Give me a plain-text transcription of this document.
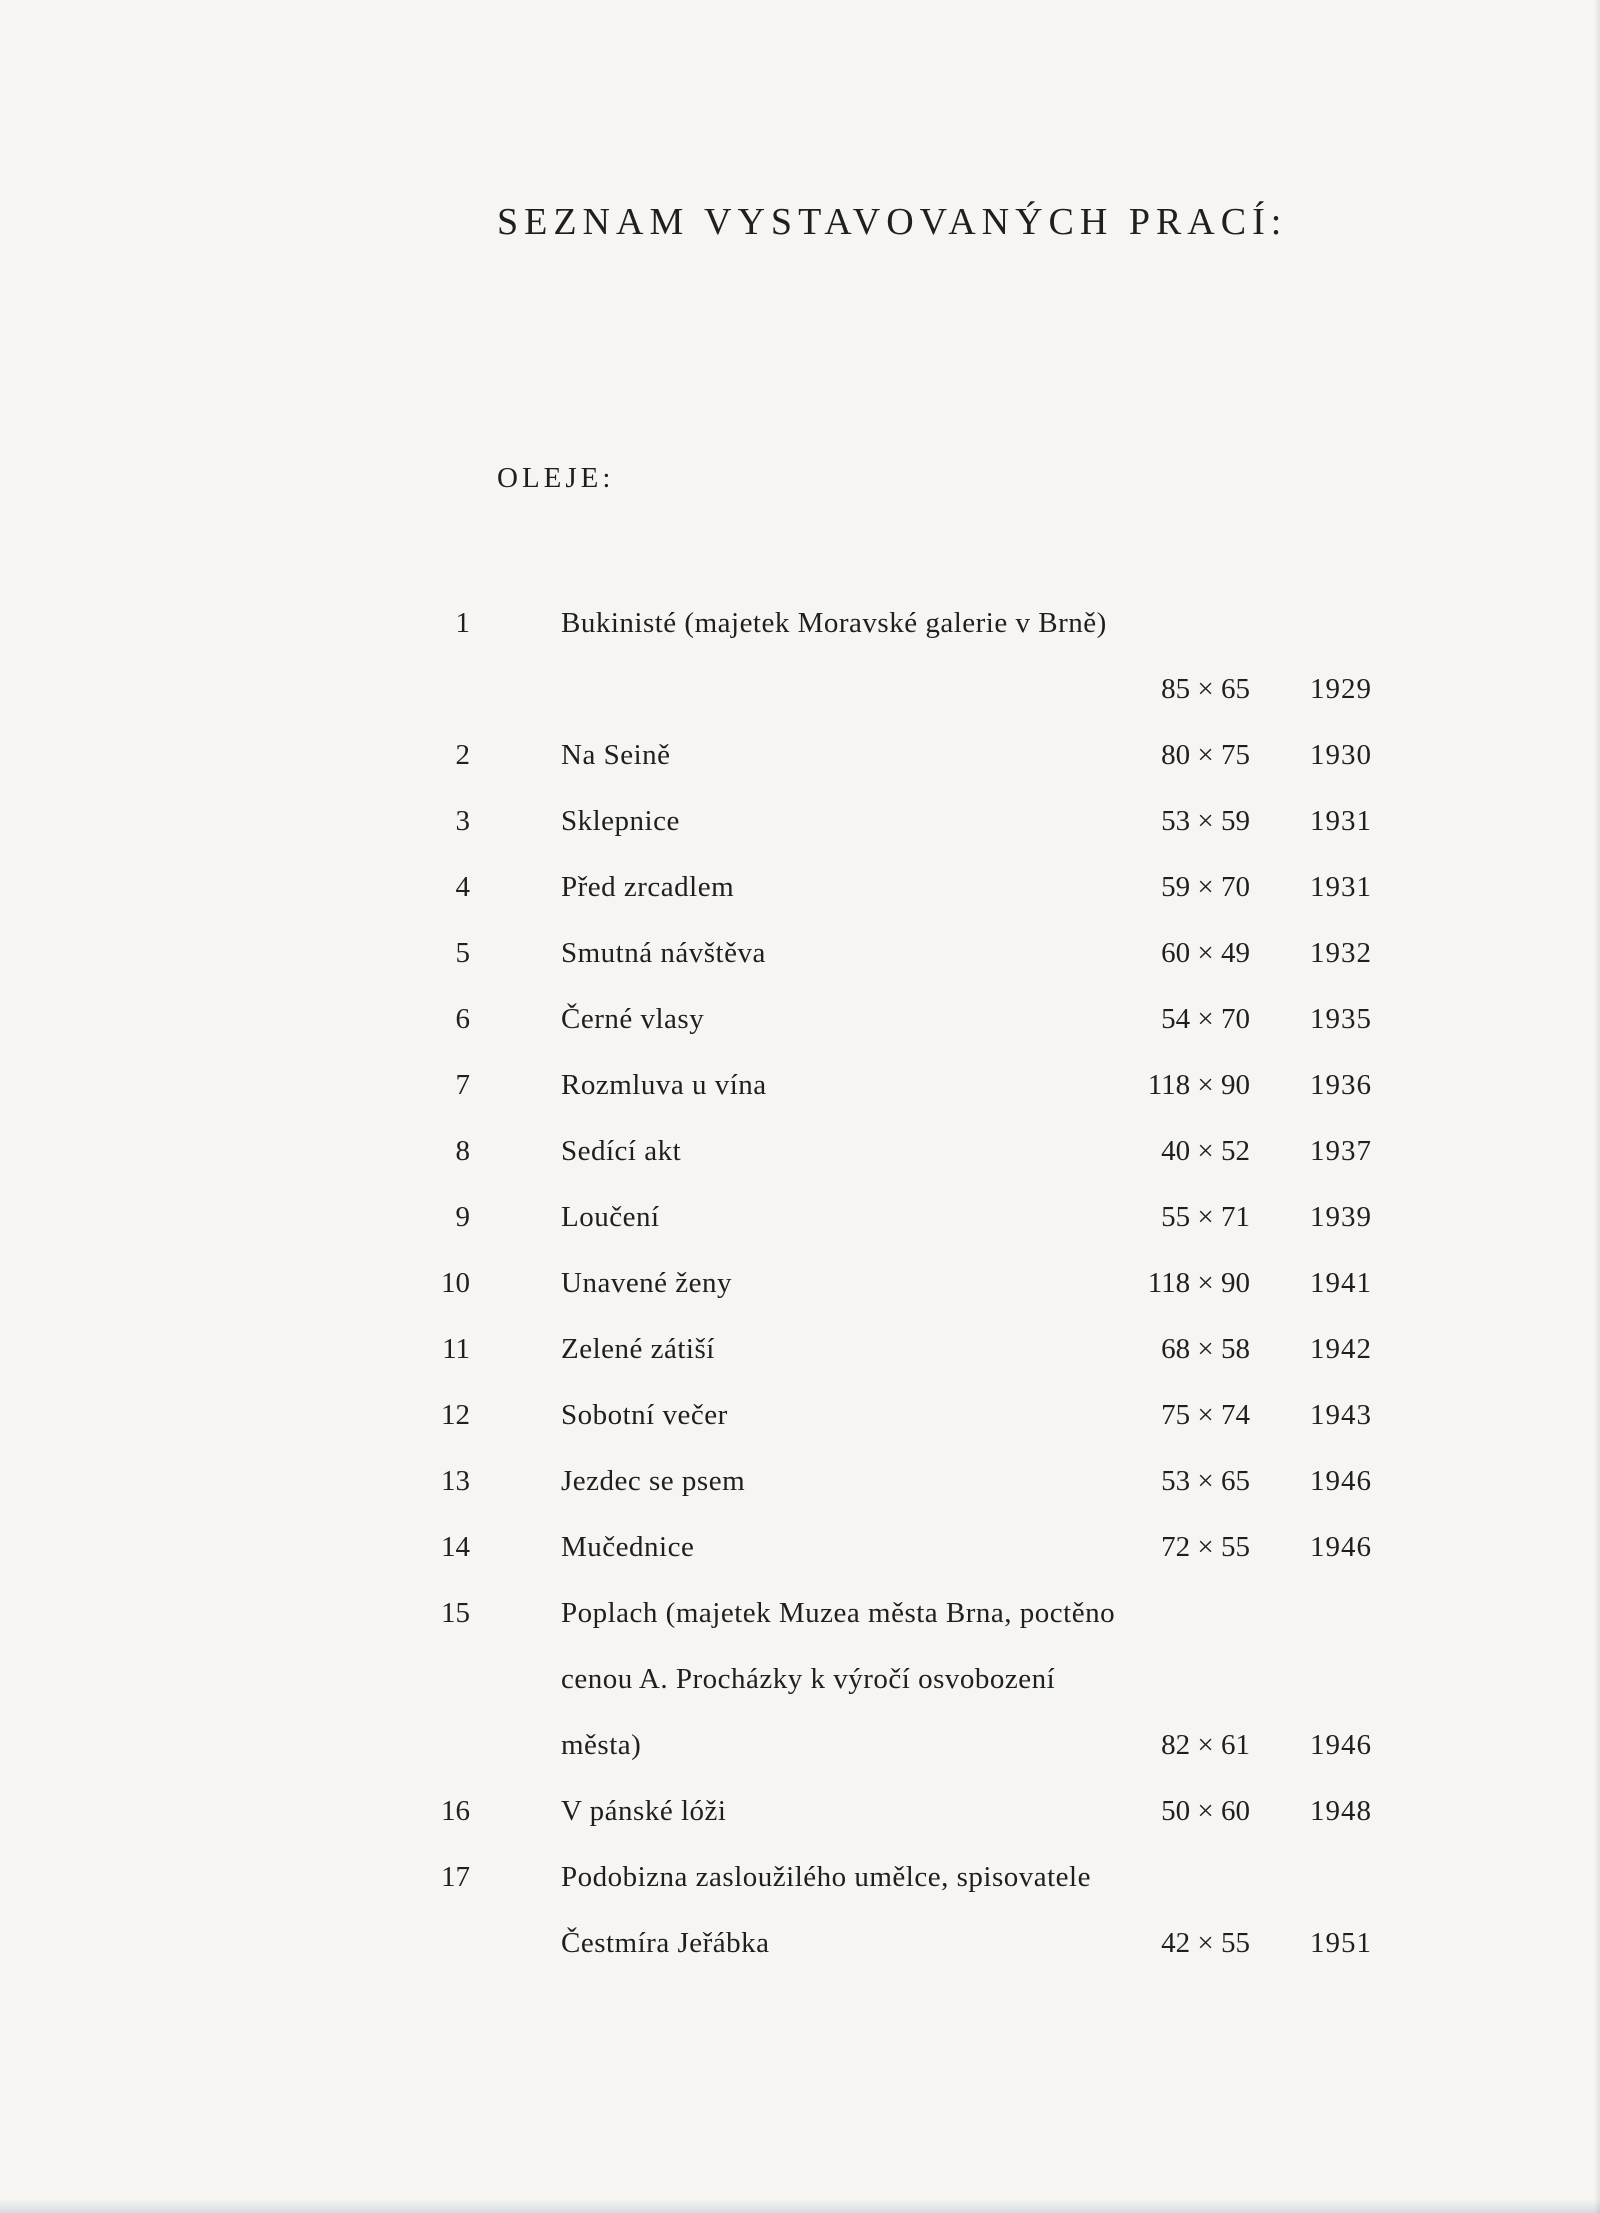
SEZNAM VYSTAVOVANÝCH PRACÍ:
OLEJE:
1	Bukinisté (majetek Moravské galerie v Brně)
85 × 65 1929
2	Na Seině	80 × 75 1930
3	Sklepnice	53 × 59 1931
4	Před zrcadlem	59 × 70 1931
5	Smutná návštěva	60 × 49 1932
6	Černé vlasy	54 × 70 1935
7	Rozmluva u vína	118 × 90 1936
8	Sedící akt	40 × 52 1937
9	Loučení	55 × 71 1939
10	Unavené ženy	118 × 90 1941
11	Zelené zátiší	68 × 58 1942
12	Sobotní večer	75 × 74 1943
13	Jezdec se psem	53 × 65 1946
14	Mučednice	72 × 55 1946
15	Poplach (majetek Muzea města Brna, poctěno cenou A. Procházky k výročí osvobození města)	82 × 61 1946
16	V pánské lóži	50 × 60 1948
17	Podobizna zasloužilého umělce, spisovatele Čestmíra Jeřábka	42 × 55 1951
